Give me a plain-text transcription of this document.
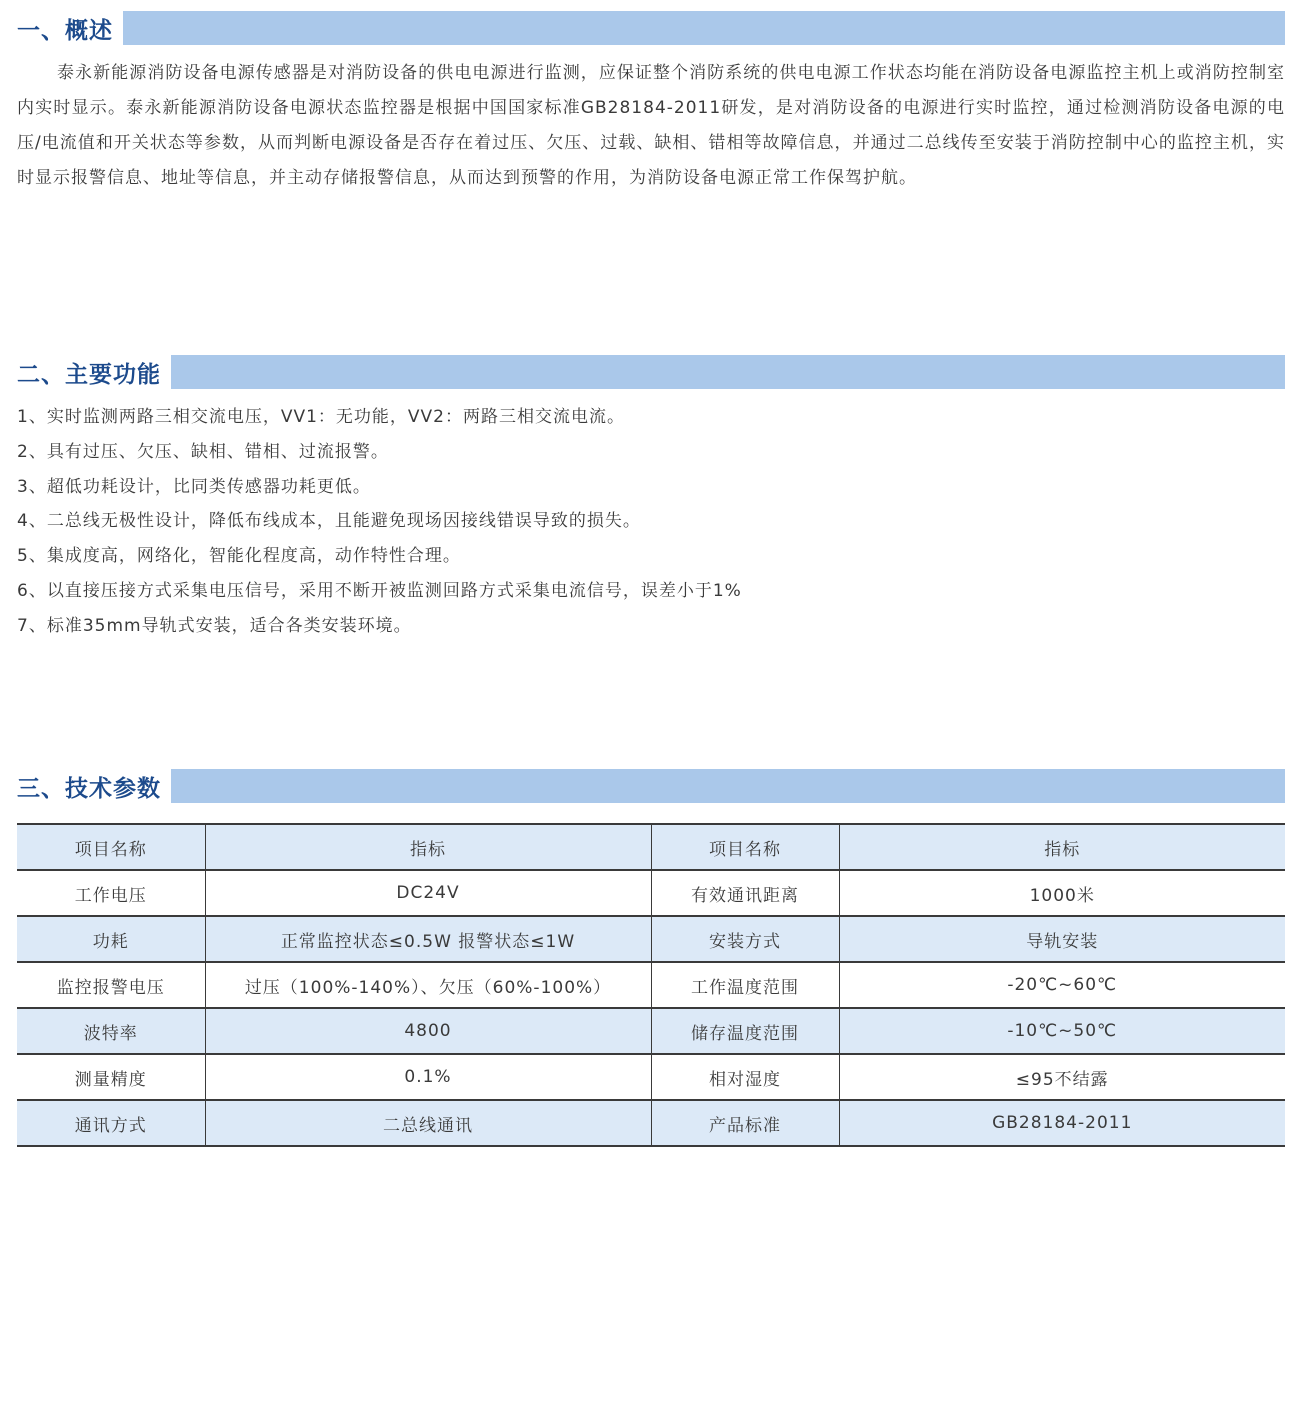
一、概述

泰永新能源消防设备电源传感器是对消防设备的供电电源进行监测，应保证整个消防系统的供电电源工作状态均能在消防设备电源监控主机上或消防控制室内实时显示。泰永新能源消防设备电源状态监控器是根据中国国家标准GB28184-2011研发，是对消防设备的电源进行实时监控，通过检测消防设备电源的电压/电流值和开关状态等参数，从而判断电源设备是否存在着过压、欠压、过载、缺相、错相等故障信息，并通过二总线传至安装于消防控制中心的监控主机，实时显示报警信息、地址等信息，并主动存储报警信息，从而达到预警的作用，为消防设备电源正常工作保驾护航。

二、主要功能
1、实时监测两路三相交流电压，VV1：无功能，VV2：两路三相交流电流。
2、具有过压、欠压、缺相、错相、过流报警。
3、超低功耗设计，比同类传感器功耗更低。
4、二总线无极性设计，降低布线成本，且能避免现场因接线错误导致的损失。
5、集成度高，网络化，智能化程度高，动作特性合理。
6、以直接压接方式采集电压信号，采用不断开被监测回路方式采集电流信号，误差小于1%
7、标准35mm导轨式安装，适合各类安装环境。
三、技术参数
项目名称	指标	项目名称	指标
工作电压	DC24V	有效通讯距离	1000米
功耗	正常监控状态≤0.5W 报警状态≤1W	安装方式	导轨安装
监控报警电压	过压（100%-140%）、欠压（60%-100%）	工作温度范围	-20℃~60℃
波特率	4800	储存温度范围	-10℃~50℃
测量精度	0.1%	相对湿度	≤95不结露
通讯方式	二总线通讯	产品标准	GB28184-2011
